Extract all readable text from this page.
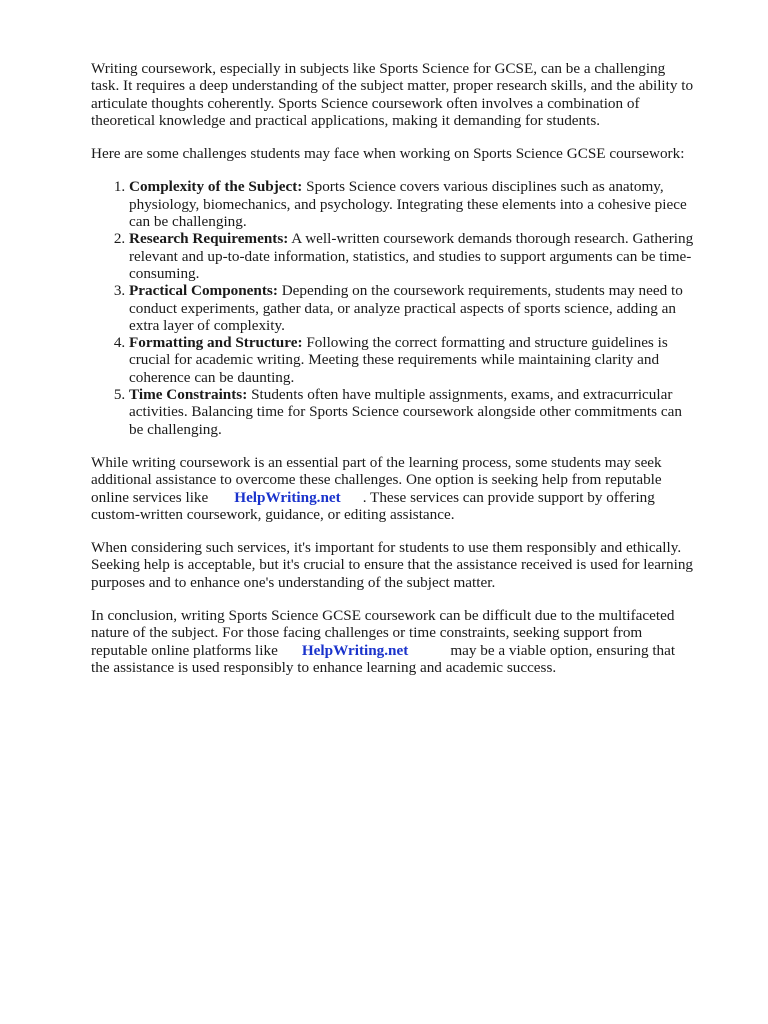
Writing coursework, especially in subjects like Sports Science for GCSE, can be a challenging task. It requires a deep understanding of the subject matter, proper research skills, and the ability to articulate thoughts coherently. Sports Science coursework often involves a combination of theoretical knowledge and practical applications, making it demanding for students.

Here are some challenges students may face when working on Sports Science GCSE coursework:

1. Complexity of the Subject: Sports Science covers various disciplines such as anatomy, physiology, biomechanics, and psychology. Integrating these elements into a cohesive piece can be challenging.
2. Research Requirements: A well-written coursework demands thorough research. Gathering relevant and up-to-date information, statistics, and studies to support arguments can be time-consuming.
3. Practical Components: Depending on the coursework requirements, students may need to conduct experiments, gather data, or analyze practical aspects of sports science, adding an extra layer of complexity.
4. Formatting and Structure: Following the correct formatting and structure guidelines is crucial for academic writing. Meeting these requirements while maintaining clarity and coherence can be daunting.
5. Time Constraints: Students often have multiple assignments, exams, and extracurricular activities. Balancing time for Sports Science coursework alongside other commitments can be challenging.

While writing coursework is an essential part of the learning process, some students may seek additional assistance to overcome these challenges. One option is seeking help from reputable online services like HelpWriting.net . These services can provide support by offering custom-written coursework, guidance, or editing assistance.

When considering such services, it's important for students to use them responsibly and ethically. Seeking help is acceptable, but it's crucial to ensure that the assistance received is used for learning purposes and to enhance one's understanding of the subject matter.

In conclusion, writing Sports Science GCSE coursework can be difficult due to the multifaceted nature of the subject. For those facing challenges or time constraints, seeking support from reputable online platforms like HelpWriting.net	may be a viable option, ensuring that the assistance is used responsibly to enhance learning and academic success.
